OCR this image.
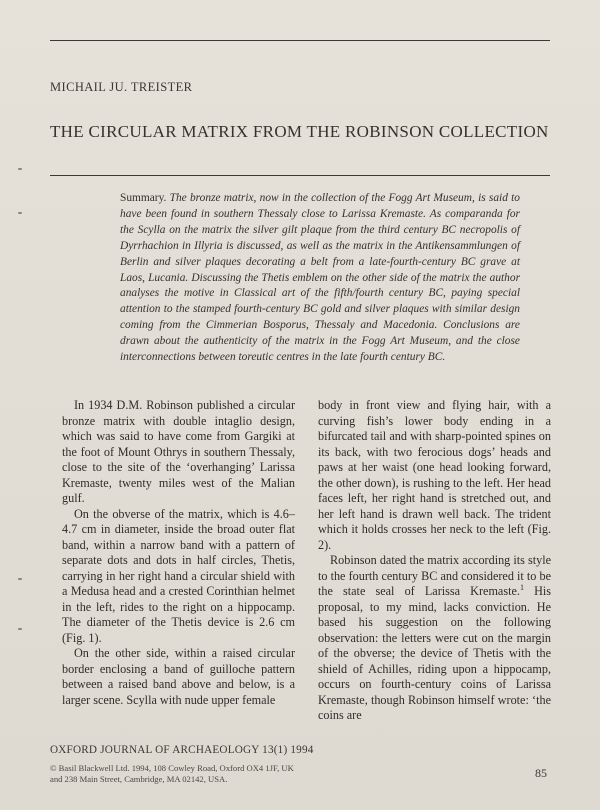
MICHAIL JU. TREISTER
THE CIRCULAR MATRIX FROM THE ROBINSON COLLECTION
Summary. The bronze matrix, now in the collection of the Fogg Art Museum, is said to have been found in southern Thessaly close to Larissa Kremaste. As comparanda for the Scylla on the matrix the silver gilt plaque from the third century BC necropolis of Dyrrhachion in Illyria is discussed, as well as the matrix in the Antikensammlungen of Berlin and silver plaques decorating a belt from a late-fourth-century BC grave at Laos, Lucania. Discussing the Thetis emblem on the other side of the matrix the author analyses the motive in Classical art of the fifth/fourth century BC, paying special attention to the stamped fourth-century BC gold and silver plaques with similar design coming from the Cimmerian Bosporus, Thessaly and Macedonia. Conclusions are drawn about the authenticity of the matrix in the Fogg Art Museum, and the close interconnections between toreutic centres in the late fourth century BC.

In 1934 D.M. Robinson published a circular bronze matrix with double intaglio design, which was said to have come from Gargiki at the foot of Mount Othrys in southern Thessaly, close to the site of the ‘overhanging’ Larissa Kremaste, twenty miles west of the Malian gulf.

On the obverse of the matrix, which is 4.6–4.7 cm in diameter, inside the broad outer flat band, within a narrow band with a pattern of separate dots and dots in half circles, Thetis, carrying in her right hand a circular shield with a Medusa head and a crested Corinthian helmet in the left, rides to the right on a hippocamp. The diameter of the Thetis device is 2.6 cm (Fig. 1).

On the other side, within a raised circular border enclosing a band of guilloche pattern between a raised band above and below, is a larger scene. Scylla with nude upper female

body in front view and flying hair, with a curving fish’s lower body ending in a bifurcated tail and with sharp-pointed spines on its back, with two ferocious dogs’ heads and paws at her waist (one head looking forward, the other down), is rushing to the left. Her head faces left, her right hand is stretched out, and her left hand is drawn well back. The trident which it holds crosses her neck to the left (Fig. 2).

Robinson dated the matrix according its style to the fourth century BC and considered it to be the state seal of Larissa Kremaste.$^1$ His proposal, to my mind, lacks conviction. He based his suggestion on the following observation: the letters were cut on the margin of the obverse; the device of Thetis with the shield of Achilles, riding upon a hippocamp, occurs on fourth-century coins of Larissa Kremaste, though Robinson himself wrote: ‘the coins are

OXFORD JOURNAL OF ARCHAEOLOGY 13(1) 1994
© Basil Blackwell Ltd. 1994, 108 Cowley Road, Oxford OX4 1JF, UK
and 238 Main Street, Cambridge, MA 02142, USA.	85
